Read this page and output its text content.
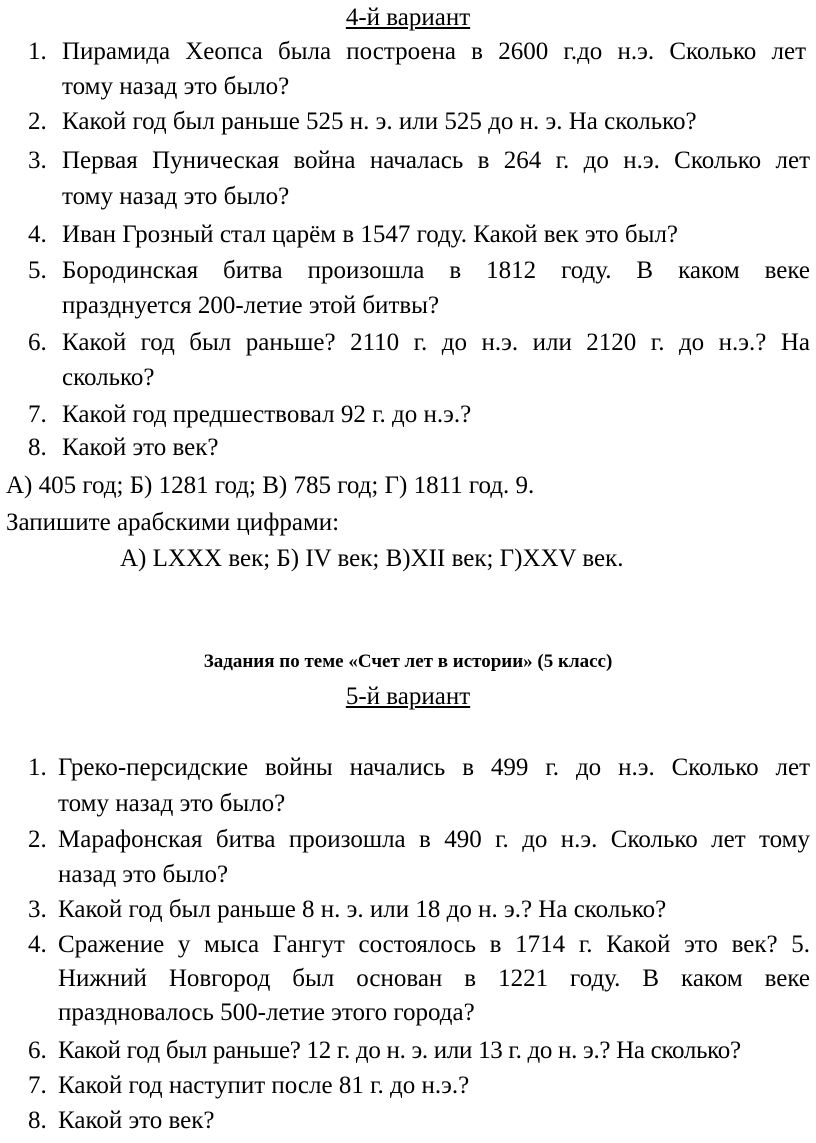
4-й вариант
1. Пирамида Хеопса была построена в 2600 г.до н.э. Сколько лет
тому назад это было?
2. Какой год был раньше 525 н. э. или 525 до н. э. На сколько?
3. Первая Пуническая война началась в 264 г. до н.э. Сколько лет
тому назад это было?
4. Иван Грозный стал царём в 1547 году. Какой век это был?
5. Бородинская битва произошла в 1812 году. В каком веке
празднуется 200-летие этой битвы?
6. Какой год был раньше? 2110 г. до н.э. или 2120 г. до н.э.? На
сколько?
7. Какой год предшествовал 92 г. до н.э.?
8. Какой это век?
А) 405 год; Б) 1281 год; В) 785 год; Г) 1811 год. 9.
Запишите арабскими цифрами:
А) LXXX век; Б) IV век; В)XII век; Г)XXV век.
Задания по теме «Счет лет в истории» (5 класс)
5-й вариант
1. Греко-персидские войны начались в 499 г. до н.э. Сколько лет
тому назад это было?
2. Марафонская битва произошла в 490 г. до н.э. Сколько лет тому
назад это было?
3. Какой год был раньше 8 н. э. или 18 до н. э.? На сколько?
4. Сражение у мыса Гангут состоялось в 1714 г. Какой это век? 5.
Нижний Новгород был основан в 1221 году. В каком веке
праздновалось 500-летие этого города?
6. Какой год был раньше? 12 г. до н. э. или 13 г. до н. э.? На сколько?
7. Какой год наступит после 81 г. до н.э.?
8. Какой это век?
